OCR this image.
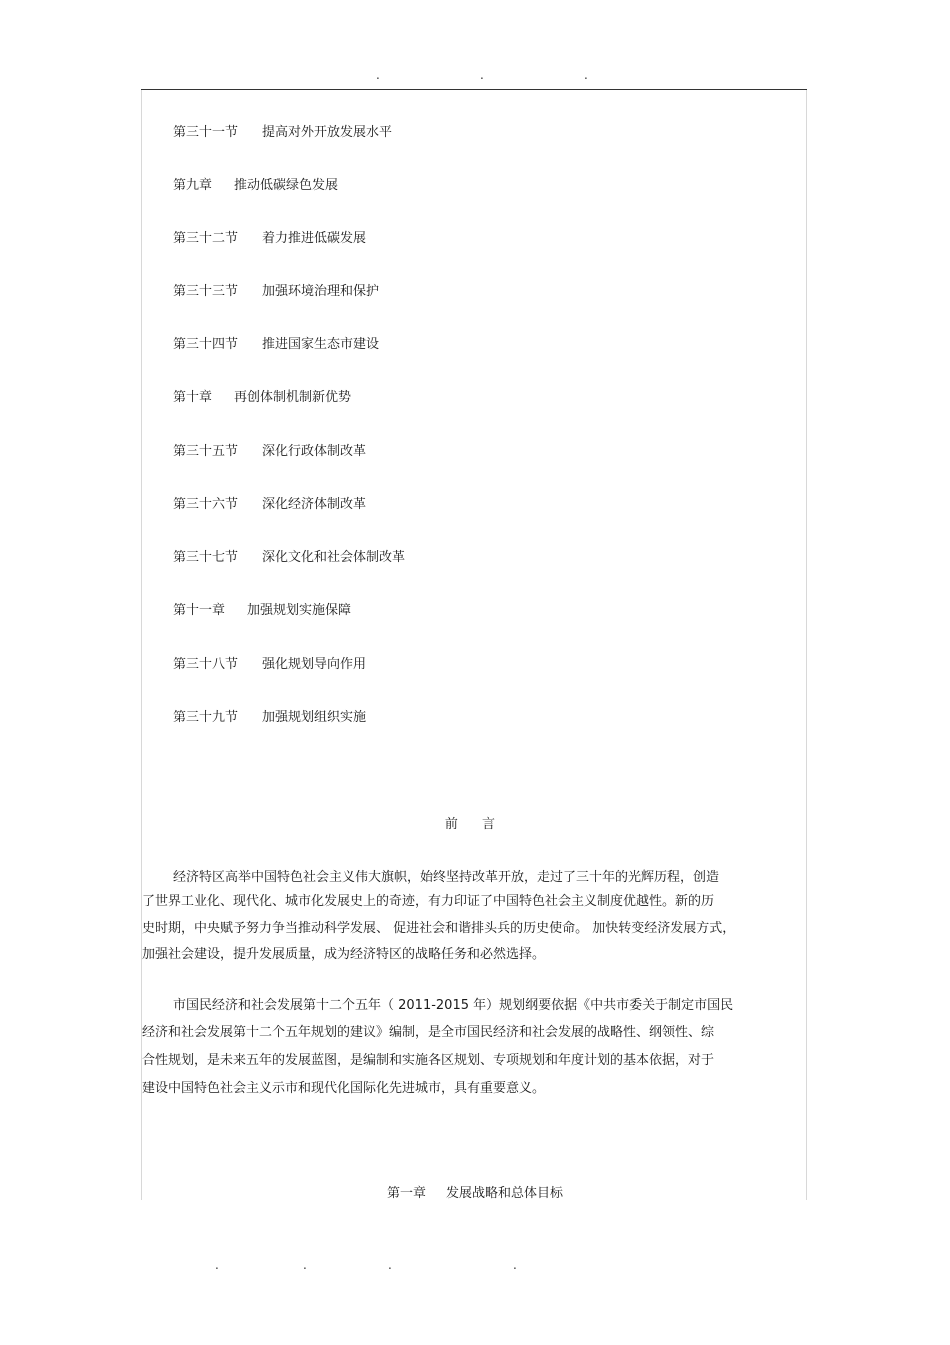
.	.	.
第三十一节 提高对外开放发展水平
第九章 推动低碳绿色发展
第三十二节 着力推进低碳发展
第三十三节 加强环境治理和保护
第三十四节 推进国家生态市建设
第十章 再创体制机制新优势
第三十五节 深化行政体制改革
第三十六节 深化经济体制改革
第三十七节 深化文化和社会体制改革
第十一章 加强规划实施保障
第三十八节 强化规划导向作用
第三十九节 加强规划组织实施
前 言
经济特区高举中国特色社会主义伟大旗帜，始终坚持改革开放，走过了三十年的光辉历程，创造
了世界工业化、现代化、城市化发展史上的奇迹，有力印证了中国特色社会主义制度优越性。新的历
史时期，中央赋予努力争当推动科学发展、 促进社会和谐排头兵的历史使命。 加快转变经济发展方式，
加强社会建设，提升发展质量，成为经济特区的战略任务和必然选择。
市国民经济和社会发展第十二个五年（ 2011-2015 年）规划纲要依据《中共市委关于制定市国民
经济和社会发展第十二个五年规划的建议》编制，是全市国民经济和社会发展的战略性、纲领性、综
合性规划，是未来五年的发展蓝图，是编制和实施各区规划、专项规划和年度计划的基本依据，对于
建设中国特色社会主义示市和现代化国际化先进城市，具有重要意义。
第一章 发展战略和总体目标
.	.	.	.
